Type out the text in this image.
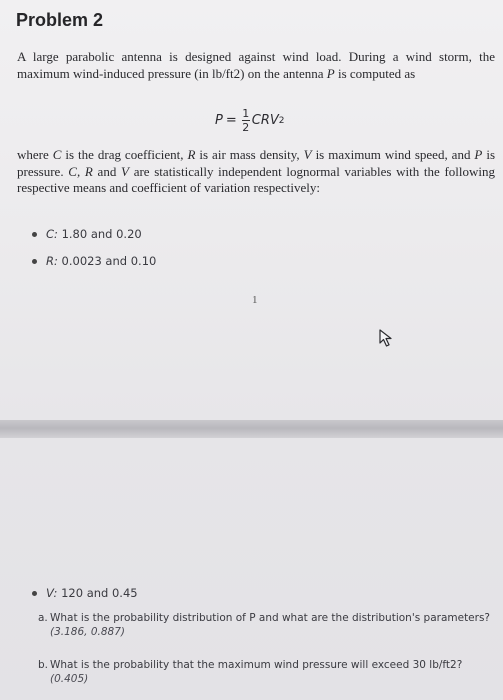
Problem 2

A large parabolic antenna is designed against wind load. During a wind storm, the maximum wind-induced pressure (in lb/ft2) on the antenna P is computed as

$P = \frac{1}{2}$ CRV 2

where C is the drag coefficient, R is air mass density, V is maximum wind speed, and P is pressure. C, R and V are statistically independent lognormal variables with the following respective means and coefficient of variation respectively:

C:
1.80 and 0.20
R:
0.0023 and 0.10
1
V:
120 and 0.45
a. What is the probability distribution of P and what are the distribution's parameters? (3.186, 0.887)
b. What is the probability that the maximum wind pressure will exceed 30 lb/ft2? (0.405)
